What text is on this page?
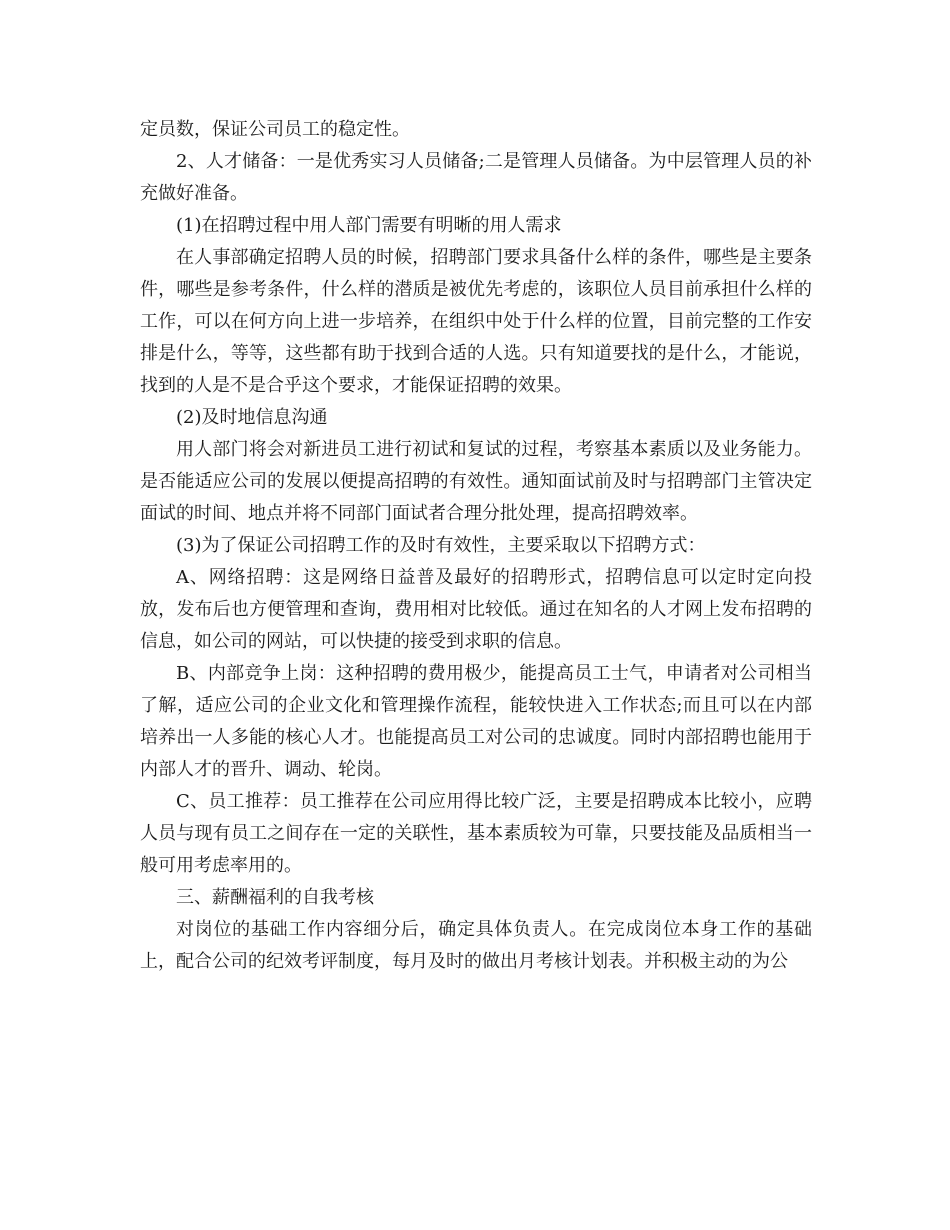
定员数，保证公司员工的稳定性。

2、人才储备：一是优秀实习人员储备;二是管理人员储备。为中层管理人员的补充做好准备。

(1)在招聘过程中用人部门需要有明晰的用人需求

在人事部确定招聘人员的时候，招聘部门要求具备什么样的条件，哪些是主要条件，哪些是参考条件，什么样的潜质是被优先考虑的，该职位人员目前承担什么样的工作，可以在何方向上进一步培养，在组织中处于什么样的位置，目前完整的工作安排是什么，等等，这些都有助于找到合适的人选。只有知道要找的是什么，才能说，找到的人是不是合乎这个要求，才能保证招聘的效果。

(2)及时地信息沟通

用人部门将会对新进员工进行初试和复试的过程，考察基本素质以及业务能力。是否能适应公司的发展以便提高招聘的有效性。通知面试前及时与招聘部门主管决定面试的时间、地点并将不同部门面试者合理分批处理，提高招聘效率。

(3)为了保证公司招聘工作的及时有效性，主要采取以下招聘方式：

A、网络招聘：这是网络日益普及最好的招聘形式，招聘信息可以定时定向投放，发布后也方便管理和查询，费用相对比较低。通过在知名的人才网上发布招聘的信息，如公司的网站，可以快捷的接受到求职的信息。

B、内部竞争上岗：这种招聘的费用极少，能提高员工士气，申请者对公司相当了解，适应公司的企业文化和管理操作流程，能较快进入工作状态;而且可以在内部培养出一人多能的核心人才。也能提高员工对公司的忠诚度。同时内部招聘也能用于内部人才的晋升、调动、轮岗。

C、员工推荐：员工推荐在公司应用得比较广泛，主要是招聘成本比较小，应聘人员与现有员工之间存在一定的关联性，基本素质较为可靠，只要技能及品质相当一般可用考虑率用的。

三、薪酬福利的自我考核

对岗位的基础工作内容细分后，确定具体负责人。在完成岗位本身工作的基础上，配合公司的纪效考评制度，每月及时的做出月考核计划表。并积极主动的为公
